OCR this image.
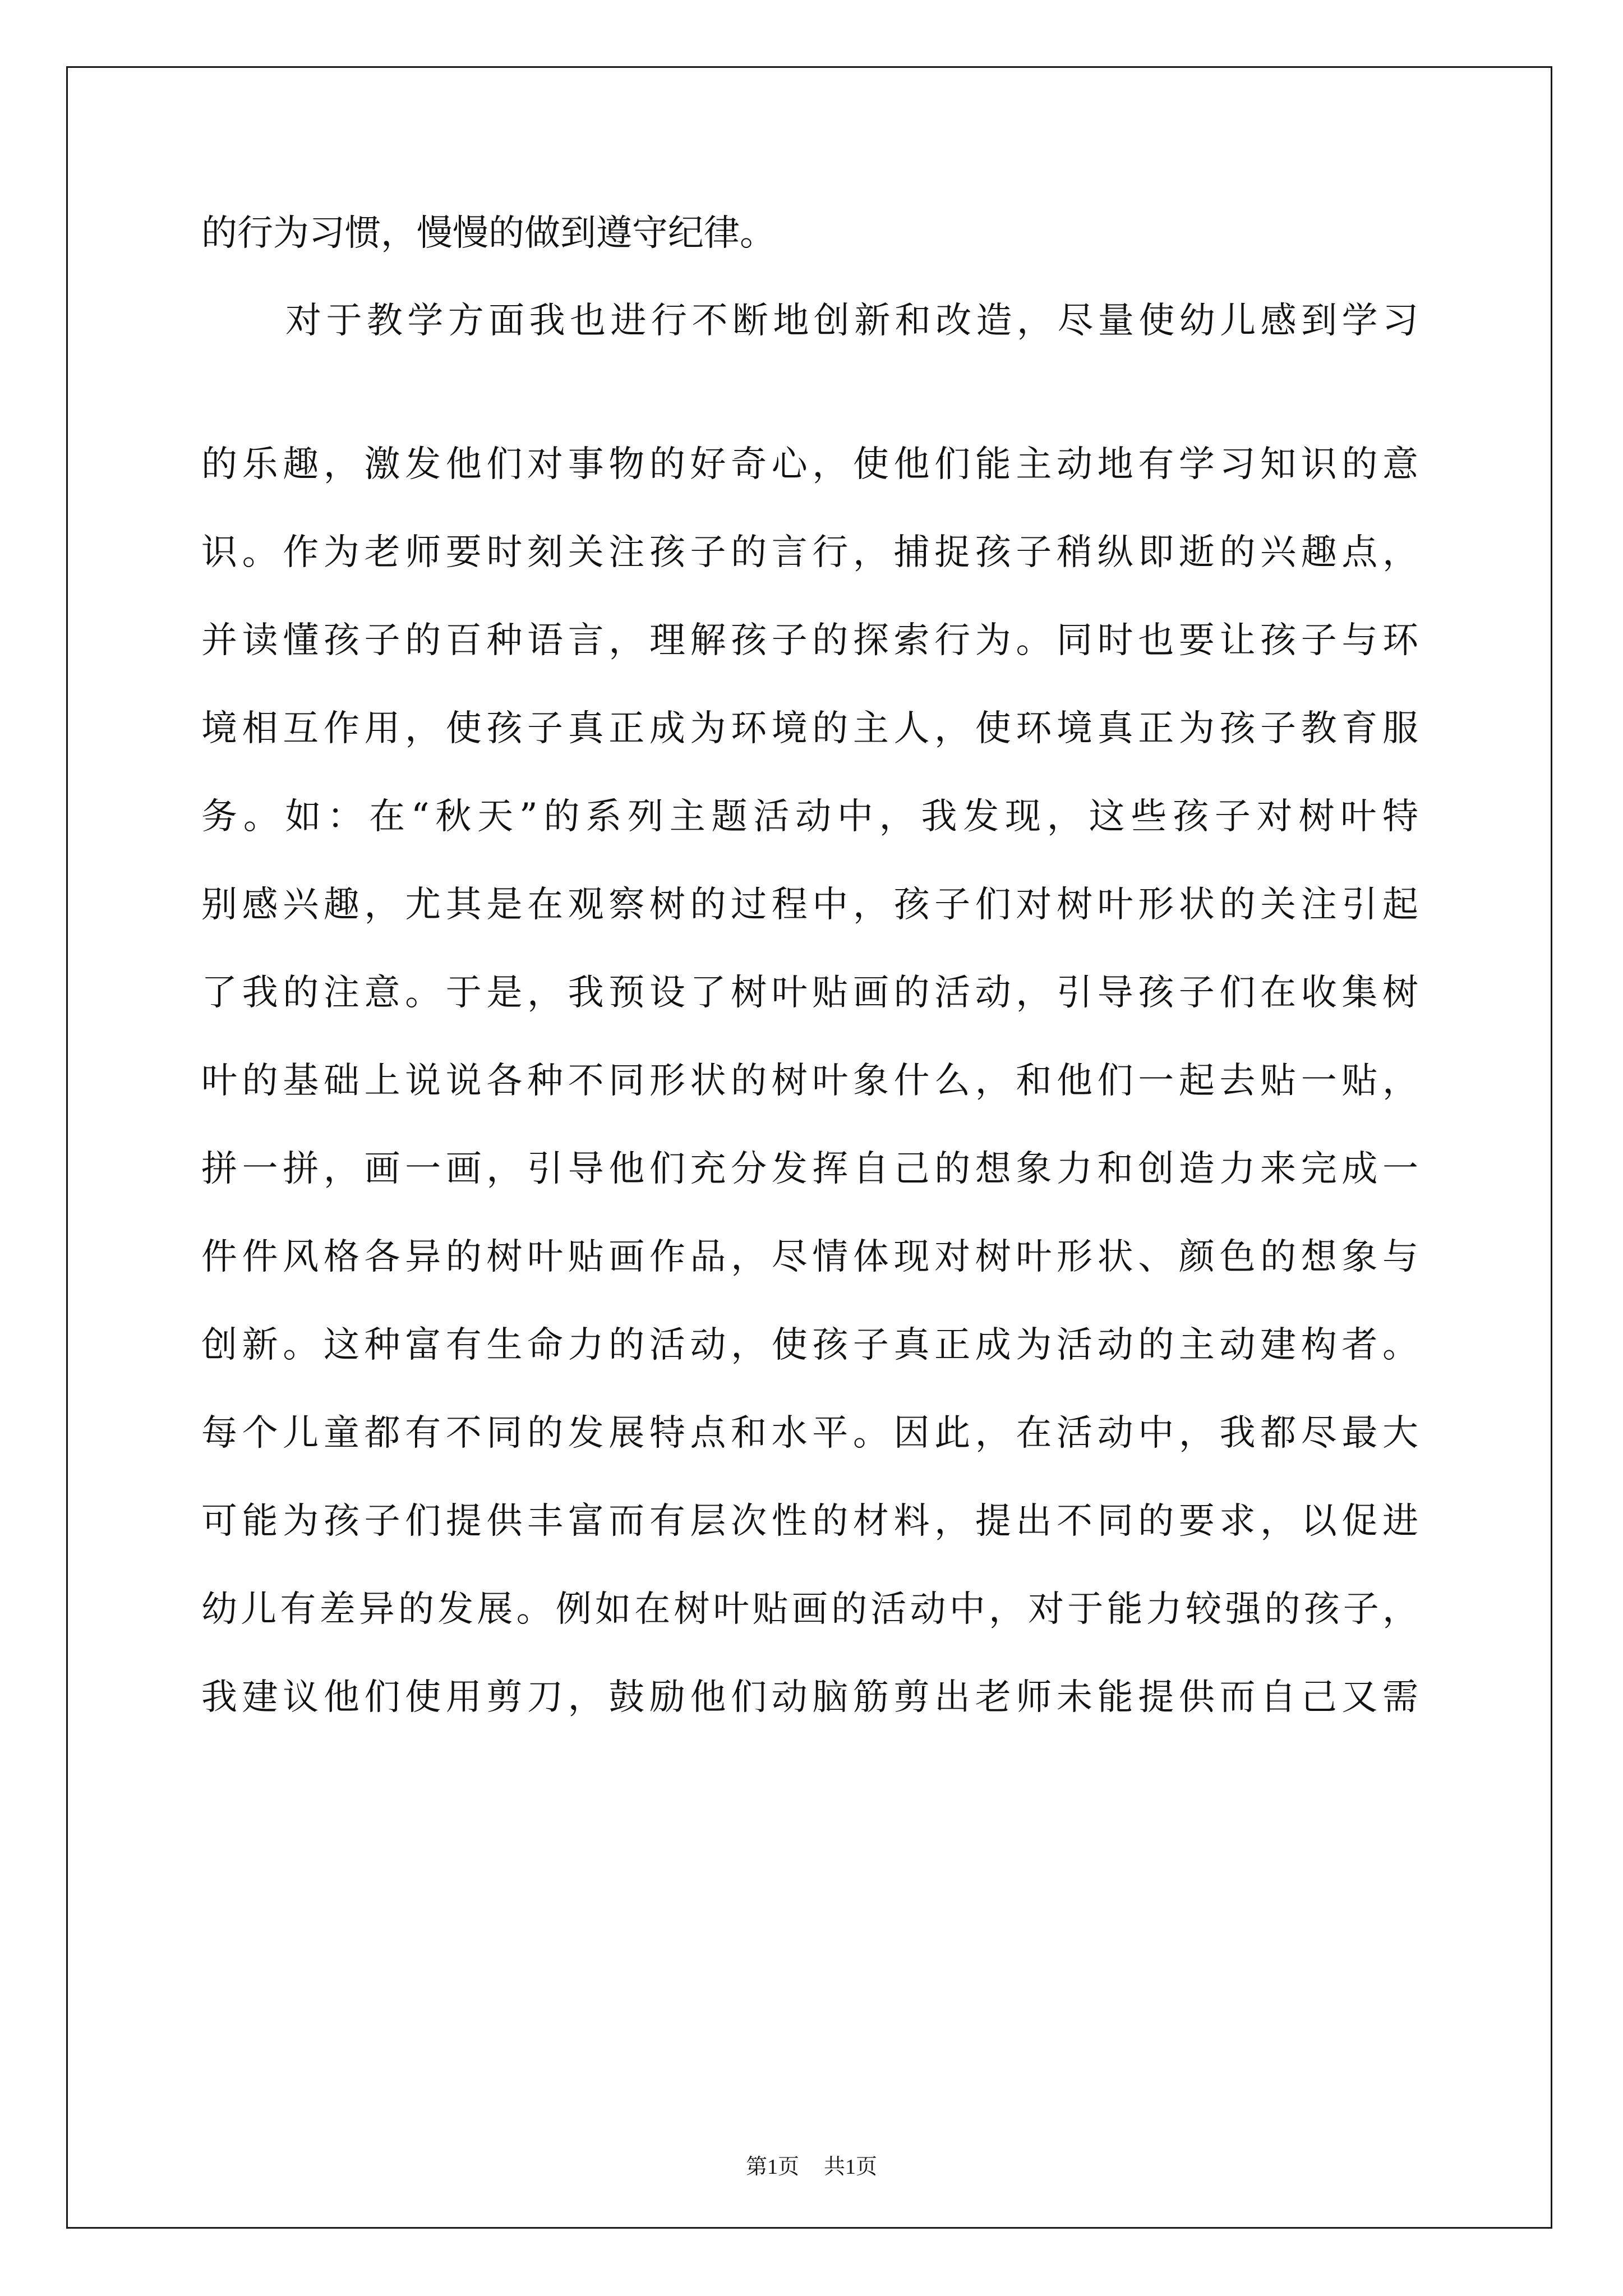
的行为习惯，慢慢的做到遵守纪律。
对于教学方面我也进行不断地创新和改造，尽量使幼儿感到学习
的乐趣，激发他们对事物的好奇心，使他们能主动地有学习知识的意
识。作为老师要时刻关注孩子的言行，捕捉孩子稍纵即逝的兴趣点，
并读懂孩子的百种语言，理解孩子的探索行为。同时也要让孩子与环
境相互作用，使孩子真正成为环境的主人，使环境真正为孩子教育服
务。如：在“秋天”的系列主题活动中，我发现，这些孩子对树叶特
别感兴趣，尤其是在观察树的过程中，孩子们对树叶形状的关注引起
了我的注意。于是，我预设了树叶贴画的活动，引导孩子们在收集树
叶的基础上说说各种不同形状的树叶象什么，和他们一起去贴一贴，
拼一拼，画一画，引导他们充分发挥自己的想象力和创造力来完成一
件件风格各异的树叶贴画作品，尽情体现对树叶形状、颜色的想象与
创新。这种富有生命力的活动，使孩子真正成为活动的主动建构者。
每个儿童都有不同的发展特点和水平。因此，在活动中，我都尽最大
可能为孩子们提供丰富而有层次性的材料，提出不同的要求，以促进
幼儿有差异的发展。例如在树叶贴画的活动中，对于能力较强的孩子，
我建议他们使用剪刀，鼓励他们动脑筋剪出老师未能提供而自己又需
第1页 共1页
